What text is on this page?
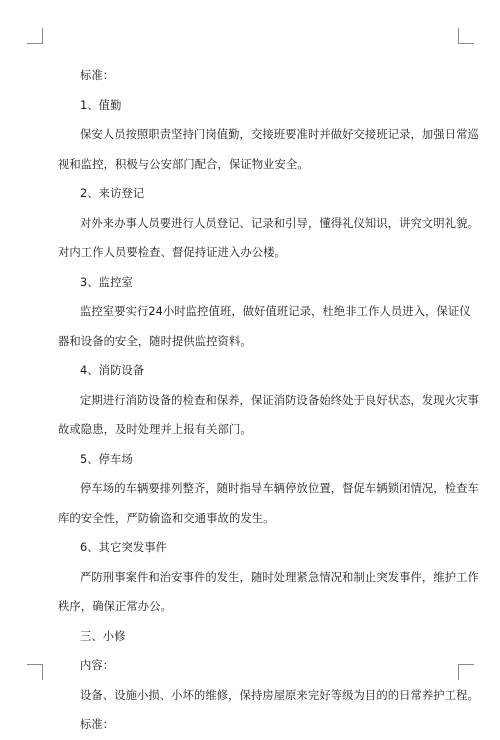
标准：
1、值勤
保安人员按照职责坚持门岗值勤，交接班要准时并做好交接班记录，加强日常巡
视和监控，积极与公安部门配合，保证物业安全。
2、来访登记
对外来办事人员要进行人员登记、记录和引导，懂得礼仪知识，讲究文明礼貌。
对内工作人员要检查、督促持证进入办公楼。
3、监控室
监控室要实行24小时监控值班，做好值班记录，杜绝非工作人员进入，保证仪
器和设备的安全，随时提供监控资料。
4、消防设备
定期进行消防设备的检查和保养，保证消防设备始终处于良好状态，发现火灾事
故或隐患，及时处理并上报有关部门。
5、停车场
停车场的车辆要排列整齐，随时指导车辆停放位置，督促车辆锁闭情况，检查车
库的安全性，严防偷盗和交通事故的发生。
6、其它突发事件
严防刑事案件和治安事件的发生，随时处理紧急情况和制止突发事件，维护工作
秩序，确保正常办公。
三、小修
内容：
设备、设施小损、小坏的维修，保持房屋原来完好等级为目的的日常养护工程。
标准：
